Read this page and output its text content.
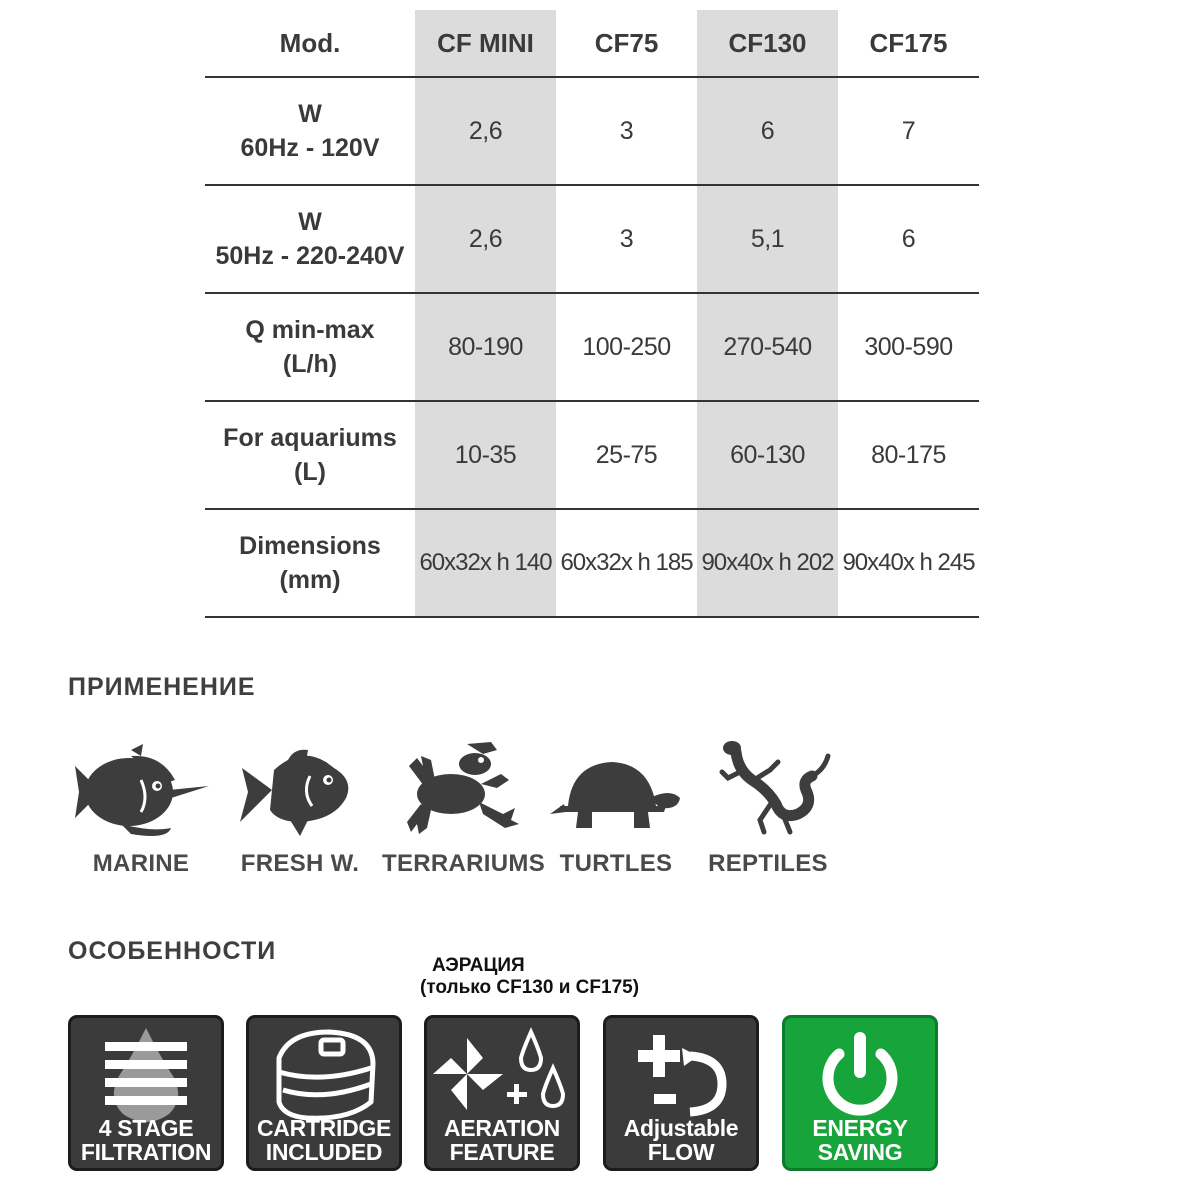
Mod.	CF MINI	CF75	CF130	CF175

W
60Hz - 120V	2,6	3	6	7

W
50Hz - 220-240V	2,6	3	5,1	6

Q min-max
(L/h)	80-190	100-250	270-540	300-590

For aquariums
(L)	10-35	25-75	60-130	80-175

Dimensions
(mm)	60x32x h 140	60x32x h 185	90x40x h 202	90x40x h 245
ПРИМЕНЕНИЕ
MARINE	FRESH W. TERRARIUMS TURTLES	REPTILES
ОСОБЕННОСТИ
АЭРАЦИЯ
(только CF130 и CF175)
4 STAGE
FILTRATION
CARTRIDGE
INCLUDED
AERATION
FEATURE
Adjustable
FLOW
ENERGY
SAVING
